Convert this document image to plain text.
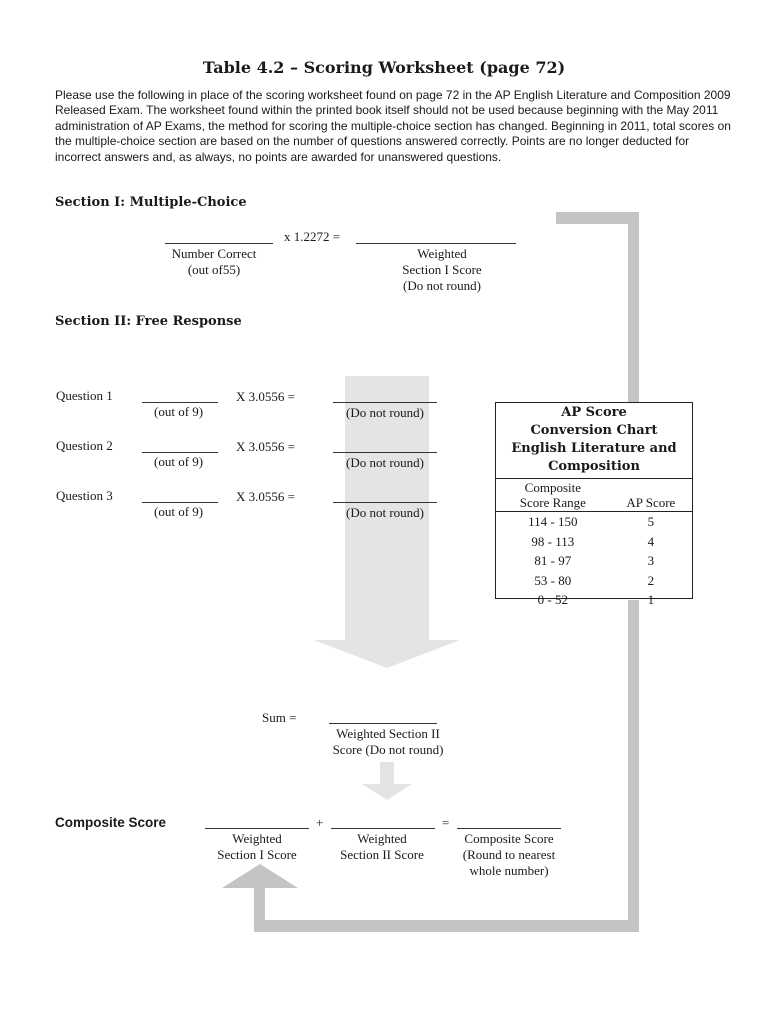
Table 4.2 – Scoring Worksheet (page 72)
Please use the following in place of the scoring worksheet found on page 72 in the AP English Literature and Composition 2009 Released Exam. The worksheet found within the printed book itself should not be used because beginning with the May 2011 administration of AP Exams, the method for scoring the multiple-choice section has changed. Beginning in 2011, total scores on the multiple-choice section are based on the number of questions answered correctly. Points are no longer deducted for incorrect answers and, as always, no points are awarded for unanswered questions.
Section I: Multiple-Choice
x 1.2272 =
Number Correct
(out of55)
Weighted
Section I Score
(Do not round)
Section II: Free Response
Question 1
(out of 9)
X 3.0556 =
(Do not round)
Question 2
(out of 9)
X 3.0556 =
(Do not round)
Question 3
(out of 9)
X 3.0556 =
(Do not round)
Sum =
Weighted Section II
Score (Do not round)
AP Score
Conversion Chart
English Literature and
Composition
Composite
Score Range	AP Score
114 - 150	5
98 - 113	4
81 - 97	3
53 - 80	2
0 - 52	1
Composite Score	+	=
Weighted
Section I Score
Weighted
Section II Score
Composite Score
(Round to nearest
whole number)
